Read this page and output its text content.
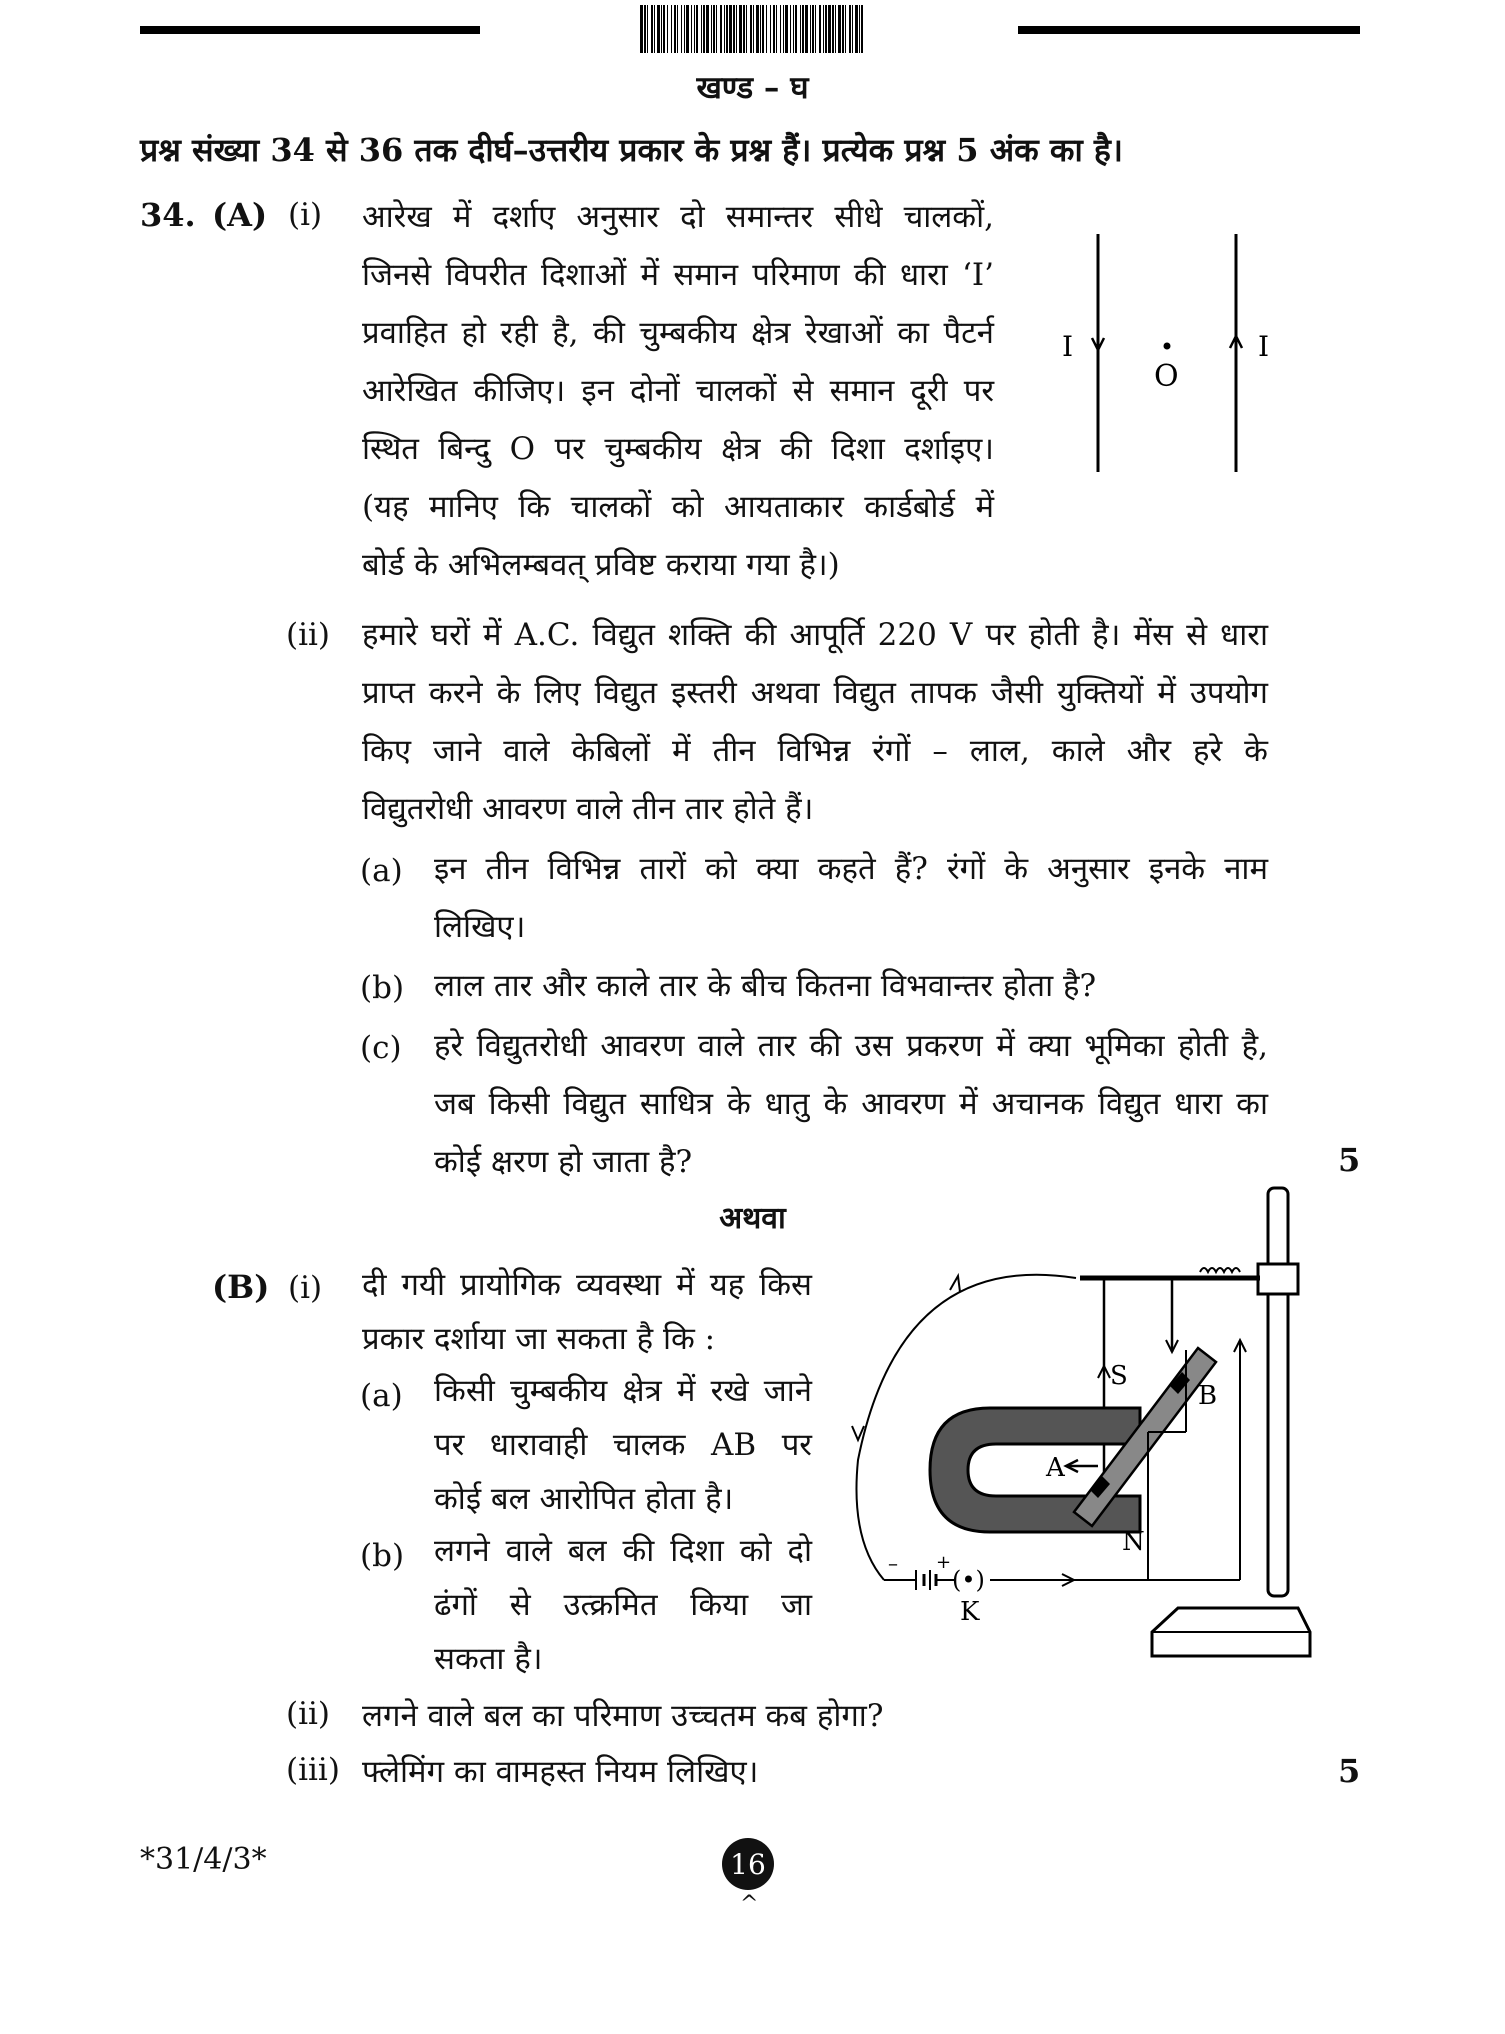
खण्ड – घ
प्रश्न संख्या 34 से 36 तक दीर्घ–उत्तरीय प्रकार के प्रश्न हैं। प्रत्येक प्रश्न 5 अंक का है।
34. (A) (i) आरेख में दर्शाए अनुसार दो समान्तर सीधे चालकों,
जिनसे विपरीत दिशाओं में समान परिमाण की धारा ‘I’
प्रवाहित हो रही है, की चुम्बकीय क्षेत्र रेखाओं का पैटर्न
आरेखित कीजिए। इन दोनों चालकों से समान दूरी पर
स्थित बिन्दु O पर चुम्बकीय क्षेत्र की दिशा दर्शाइए।
(यह मानिए कि चालकों को आयताकार कार्डबोर्ड में
बोर्ड के अभिलम्बवत् प्रविष्ट कराया गया है।)
I	I
O
(ii) हमारे घरों में A.C. विद्युत शक्ति की आपूर्ति 220 V पर होती है। मेंस से धारा
प्राप्त करने के लिए विद्युत इस्तरी अथवा विद्युत तापक जैसी युक्तियों में उपयोग
किए जाने वाले केबिलों में तीन विभिन्न रंगों – लाल, काले और हरे के
विद्युतरोधी आवरण वाले तीन तार होते हैं।
(a) इन तीन विभिन्न तारों को क्या कहते हैं? रंगों के अनुसार इनके नाम
लिखिए।
(b) लाल तार और काले तार के बीच कितना विभवान्तर होता है?
(c) हरे विद्युतरोधी आवरण वाले तार की उस प्रकरण में क्या भूमिका होती है,
जब किसी विद्युत साधित्र के धातु के आवरण में अचानक विद्युत धारा का
कोई क्षरण हो जाता है?	5
अथवा
(B) (i) दी गयी प्रायोगिक व्यवस्था में यह किस
प्रकार दर्शाया जा सकता है कि :
(a) किसी चुम्बकीय क्षेत्र में रखे जाने
पर धारावाही चालक AB पर
कोई बल आरोपित होता है।
(b) लगने वाले बल की दिशा को दो
ढंगों से उत्क्रमित किया जा
सकता है।
(ii) लगने वाले बल का परिमाण उच्चतम कब होगा?
(iii) फ्लेमिंग का वामहस्त नियम लिखिए।	5
A
S
B
N
– +
(•)
K
*31/4/3*	16
^
